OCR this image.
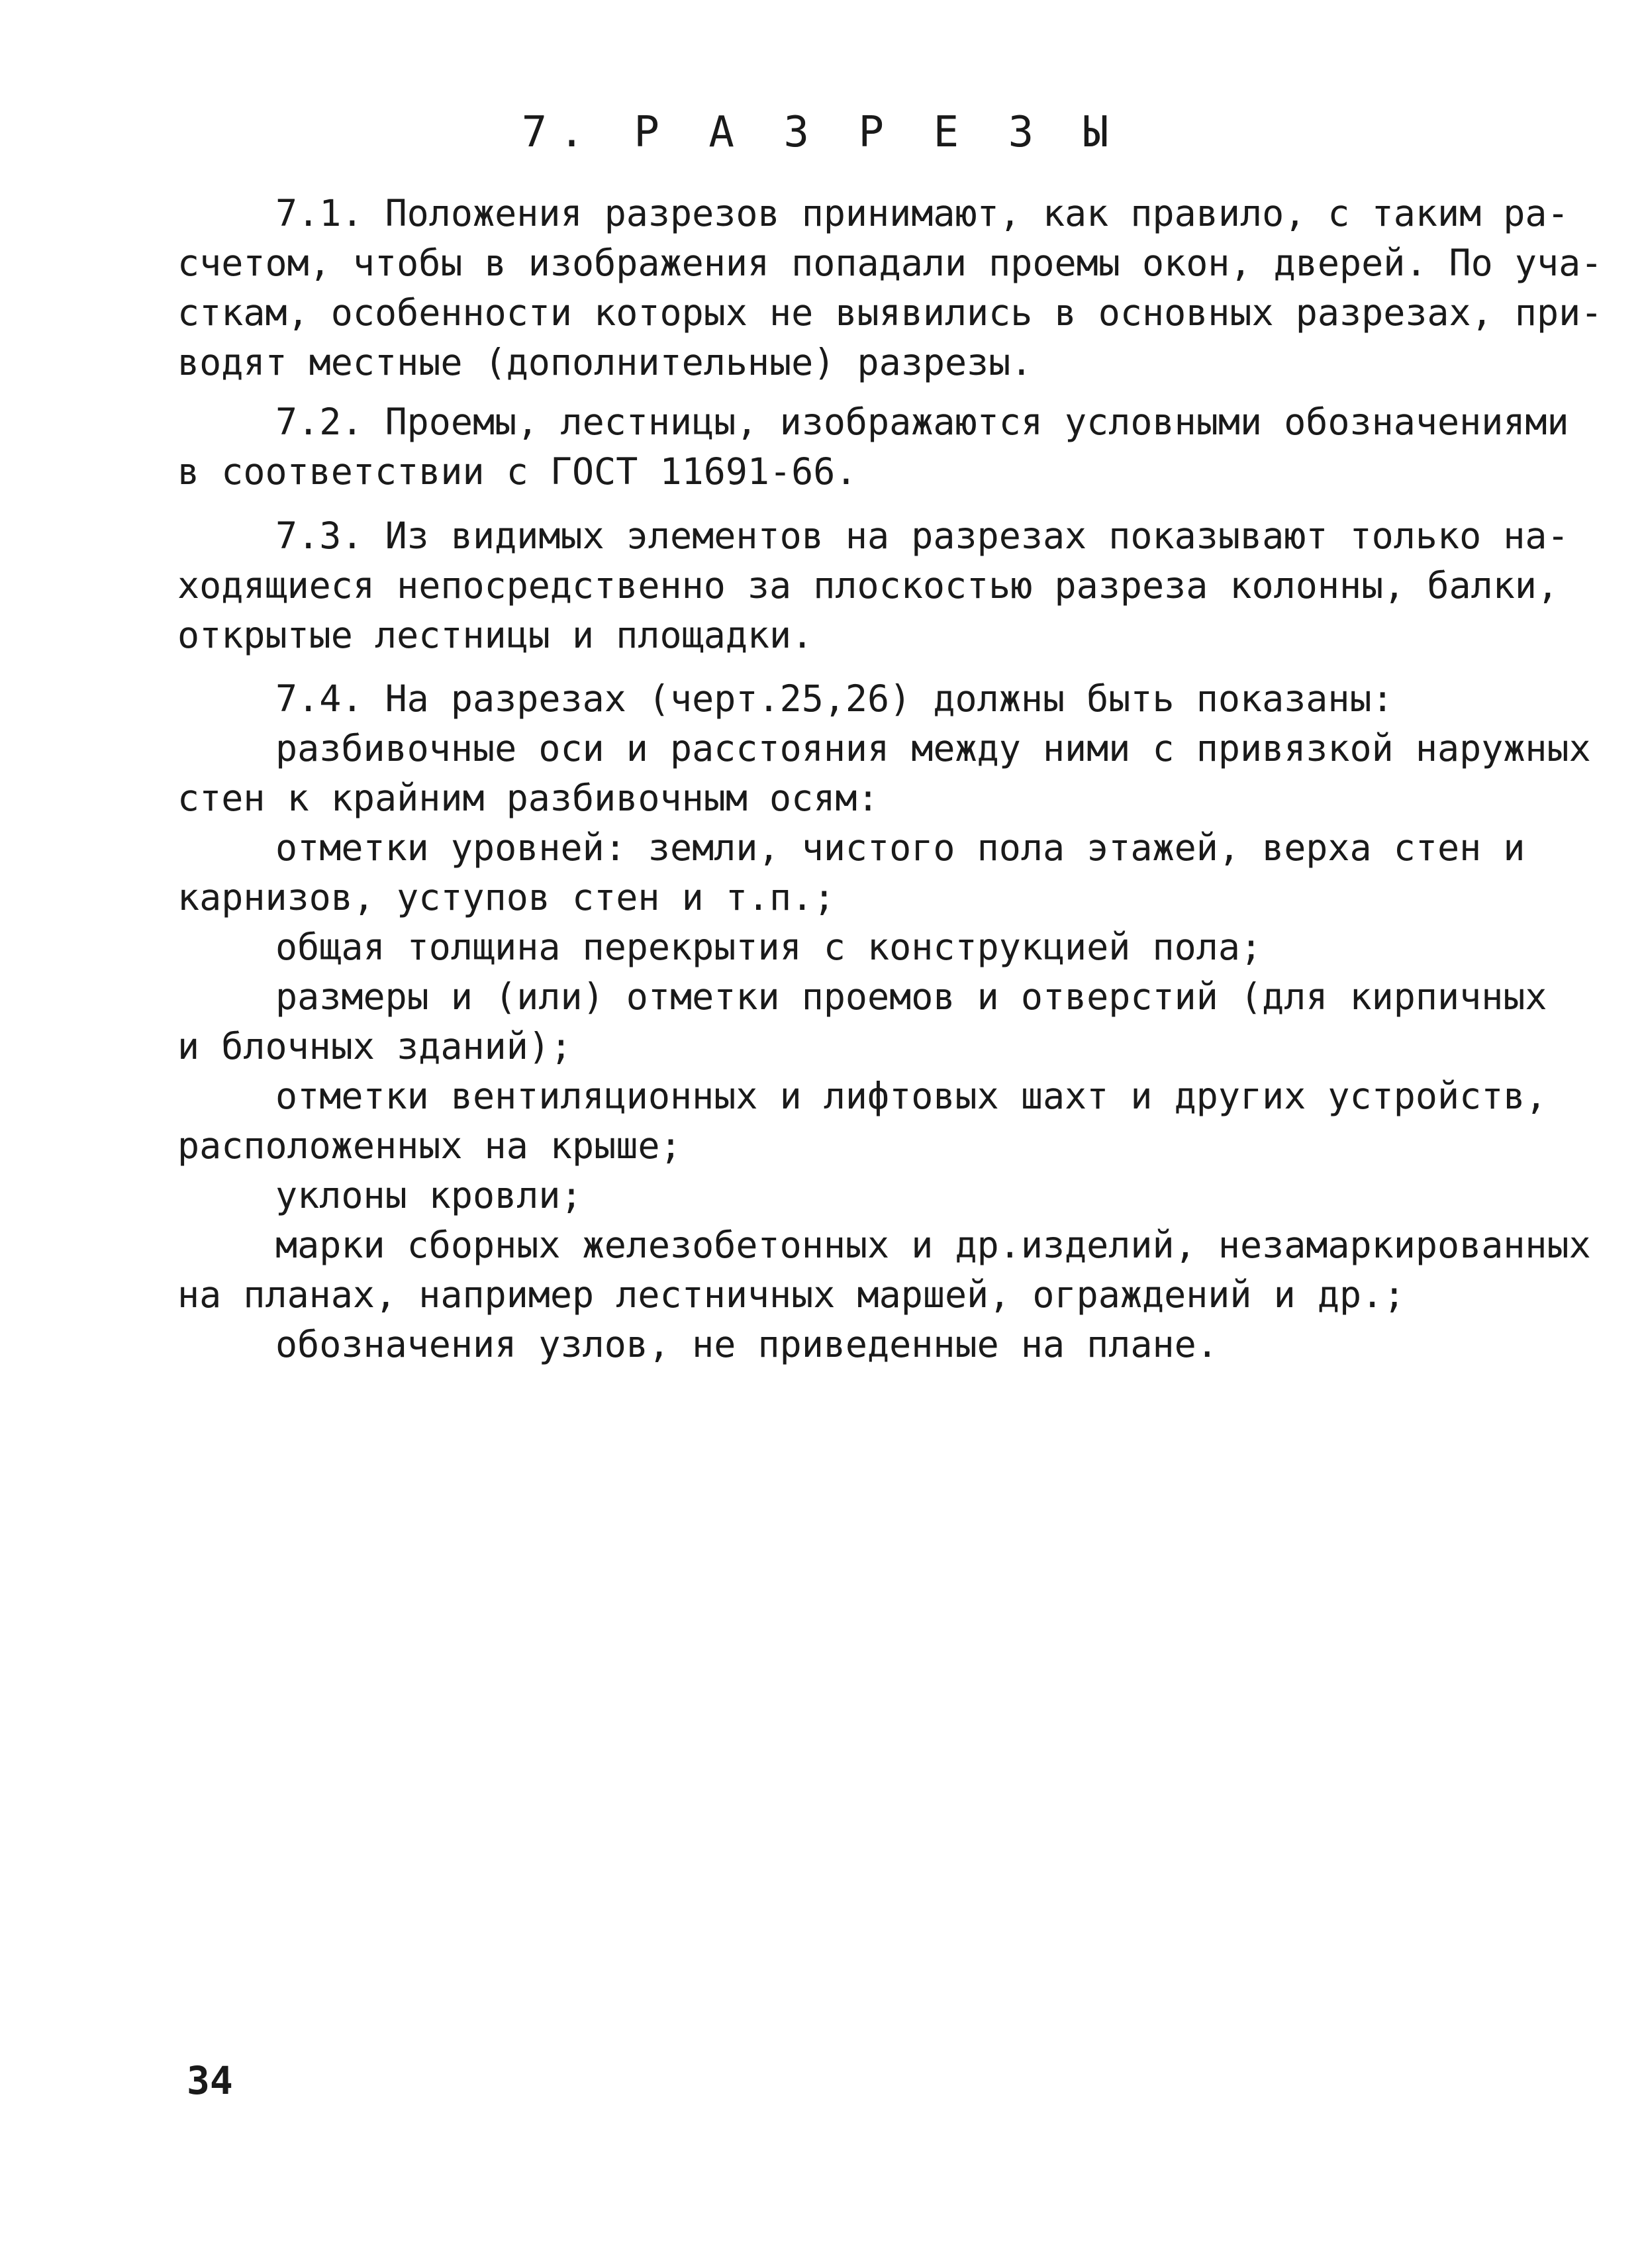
7. Р А З Р Е З Ы
7.1. Положения разрезов принимают, как правило, с таким ра-
счетом, чтобы в изображения попадали проемы окон, дверей. По уча-
сткам, особенности которых не выявились в основных разрезах, при-
водят местные (дополнительные) разрезы.
7.2. Проемы, лестницы, изображаются условными обозначениями
в соответствии с ГОСТ 11691-66.
7.3. Из видимых элементов на разрезах показывают только на-
ходящиеся непосредственно за плоскостью разреза колонны, балки,
открытые лестницы и площадки.
7.4. На разрезах (черт.25,26) должны быть показаны:
разбивочные оси и расстояния между ними с привязкой наружных
стен к крайним разбивочным осям:
отметки уровней: земли, чистого пола этажей, верха стен и
карнизов, уступов стен и т.п.;
общая толщина перекрытия с конструкцией пола;
размеры и (или) отметки проемов и отверстий (для кирпичных
и блочных зданий);
отметки вентиляционных и лифтовых шахт и других устройств,
расположенных на крыше;
уклоны кровли;
марки сборных железобетонных и др.изделий, незамаркированных
на планах, например лестничных маршей, ограждений и др.;
обозначения узлов, не приведенные на плане.
34
